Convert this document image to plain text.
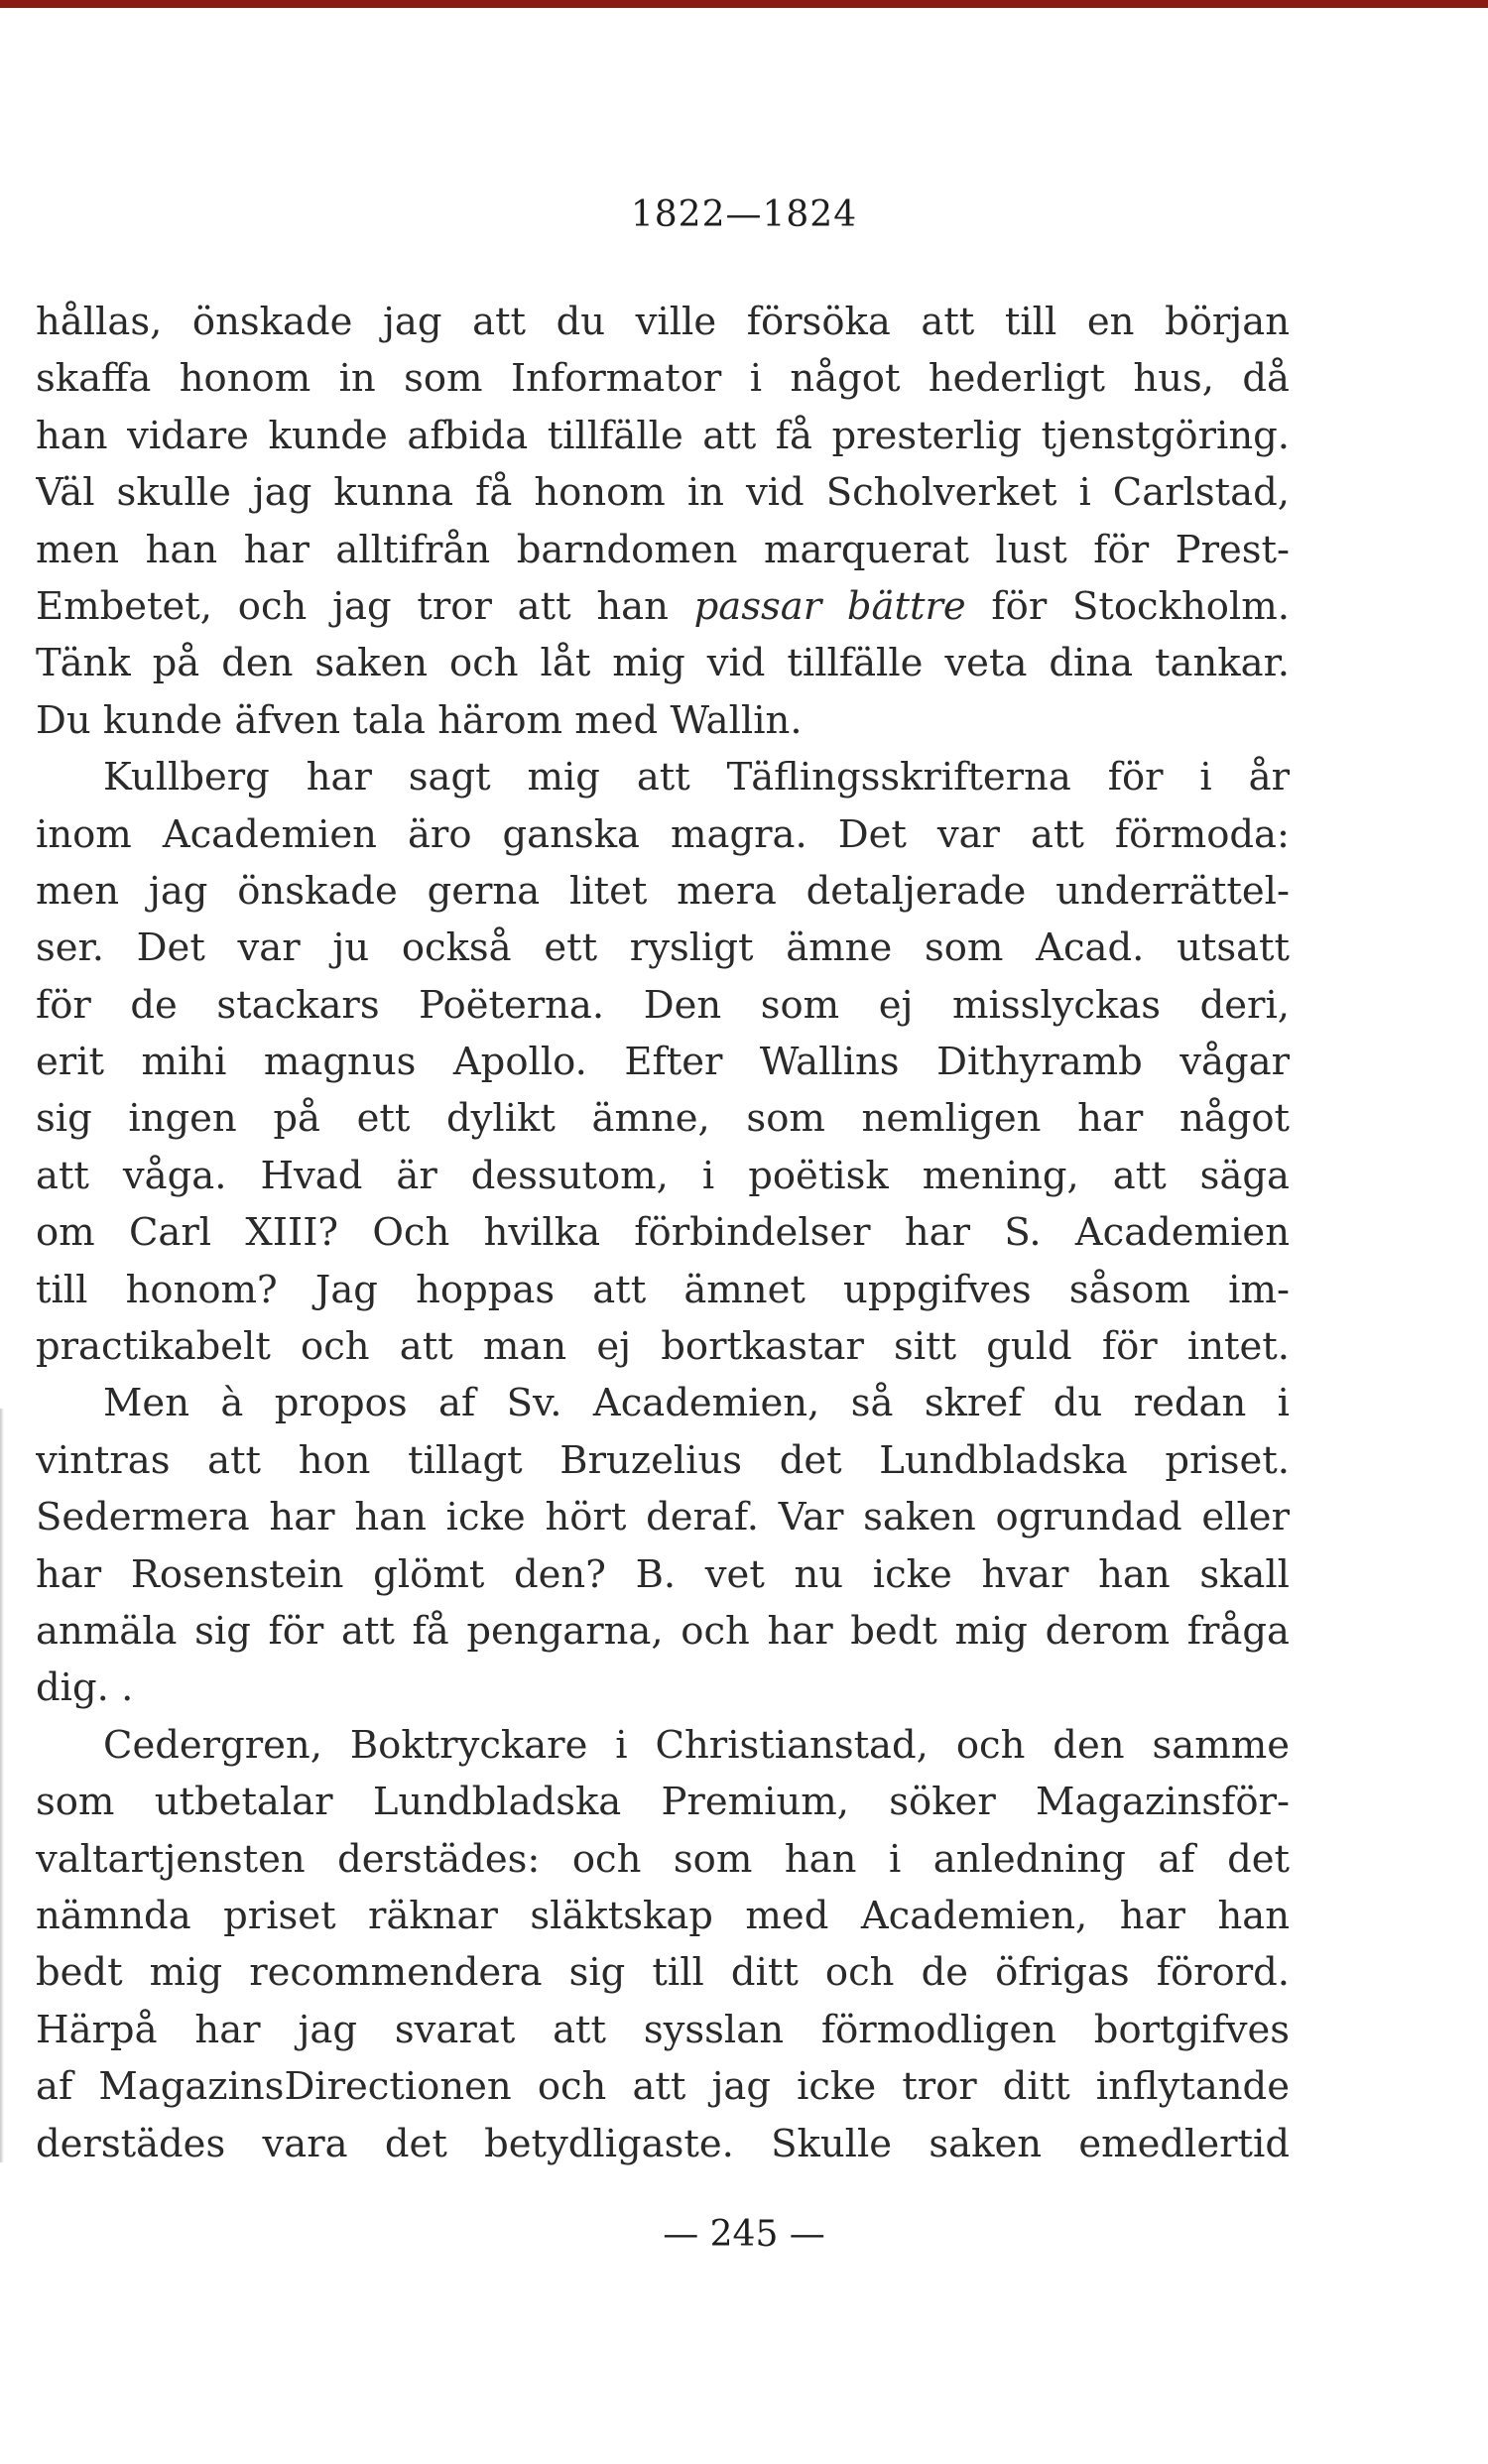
1822—1824
hållas, önskade jag att du ville försöka att till en början
skaffa honom in som Informator i något hederligt hus, då
han vidare kunde afbida tillfälle att få presterlig tjenstgöring.
Väl skulle jag kunna få honom in vid Scholverket i Carlstad,
men han har alltifrån barndomen marquerat lust för Prest-
Embetet, och jag tror att han passar bättre för Stockholm.
Tänk på den saken och låt mig vid tillfälle veta dina tankar.
Du kunde äfven tala härom med Wallin.
Kullberg har sagt mig att Täflingsskrifterna för i år
inom Academien äro ganska magra. Det var att förmoda:
men jag önskade gerna litet mera detaljerade underrättel-
ser. Det var ju också ett rysligt ämne som Acad. utsatt
för de stackars Poëterna. Den som ej misslyckas deri,
erit mihi magnus Apollo. Efter Wallins Dithyramb vågar
sig ingen på ett dylikt ämne, som nemligen har något
att våga. Hvad är dessutom, i poëtisk mening, att säga
om Carl XIII? Och hvilka förbindelser har S. Academien
till honom? Jag hoppas att ämnet uppgifves såsom im-
practikabelt och att man ej bortkastar sitt guld för intet.
Men à propos af Sv. Academien, så skref du redan i
vintras att hon tillagt Bruzelius det Lundbladska priset.
Sedermera har han icke hört deraf. Var saken ogrundad eller
har Rosenstein glömt den? B. vet nu icke hvar han skall
anmäla sig för att få pengarna, och har bedt mig derom fråga
dig. .
Cedergren, Boktryckare i Christianstad, och den samme
som utbetalar Lundbladska Premium, söker Magazinsför-
valtartjensten derstädes: och som han i anledning af det
nämnda priset räknar släktskap med Academien, har han
bedt mig recommendera sig till ditt och de öfrigas förord.
Härpå har jag svarat att sysslan förmodligen bortgifves
af MagazinsDirectionen och att jag icke tror ditt inflytande
derstädes vara det betydligaste. Skulle saken emedlertid
— 245 —
